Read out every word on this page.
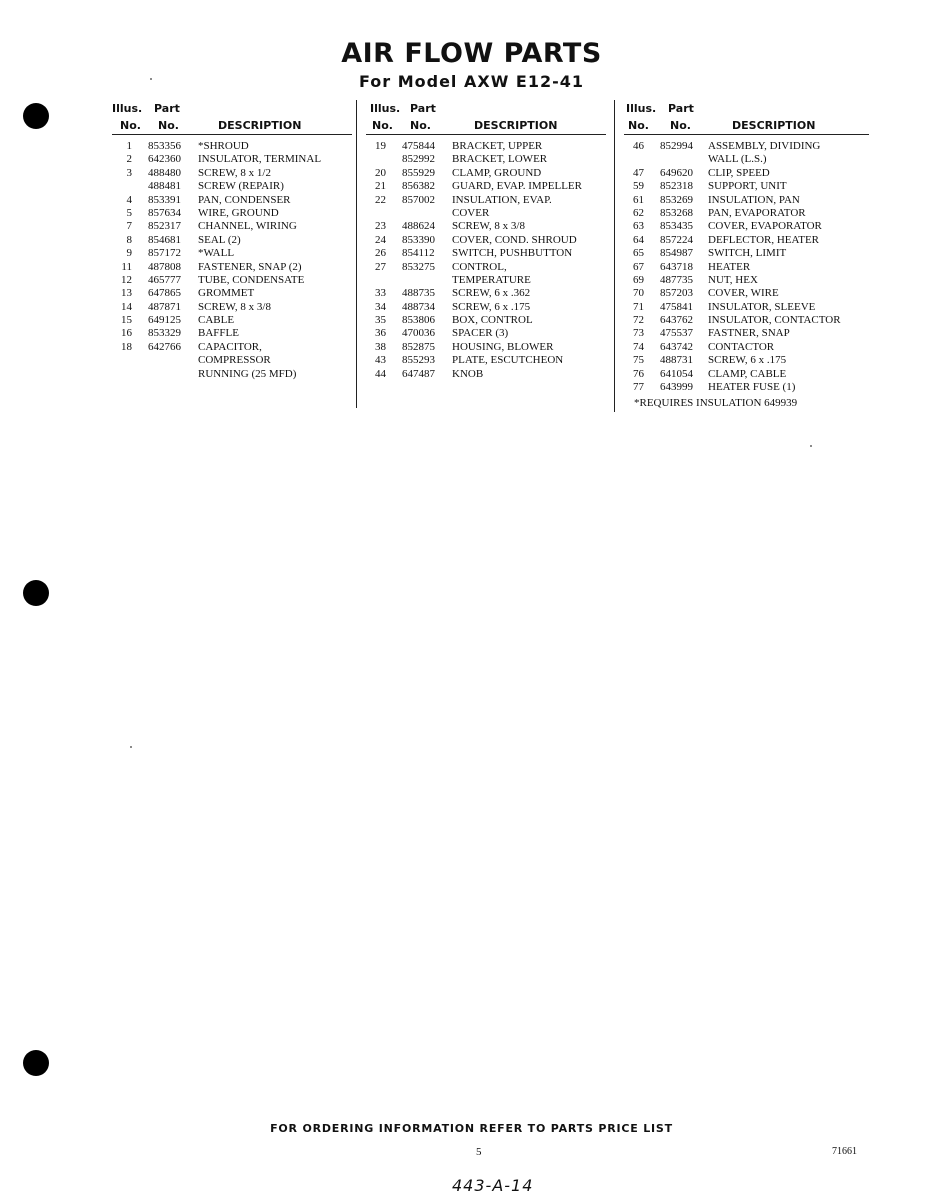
AIR FLOW PARTS
For Model AXW E12-41
Illus. Part
No. No.	DESCRIPTION
1 853356 *SHROUD
2 642360 INSULATOR, TERMINAL
3 488480 SCREW, 8 x 1/2
488481 SCREW (REPAIR)
4 853391 PAN, CONDENSER
5 857634 WIRE, GROUND
7 852317 CHANNEL, WIRING
8 854681 SEAL (2)
9 857172 *WALL
11 487808 FASTENER, SNAP (2)
12 465777 TUBE, CONDENSATE
13 647865 GROMMET
14 487871 SCREW, 8 x 3/8
15 649125 CABLE
16 853329 BAFFLE
18 642766 CAPACITOR,
COMPRESSOR
RUNNING (25 MFD)
Illus. Part
No. No.	DESCRIPTION
19 475844 BRACKET, UPPER
852992 BRACKET, LOWER
20 855929 CLAMP, GROUND
21 856382 GUARD, EVAP. IMPELLER
22 857002 INSULATION, EVAP.
COVER
23 488624 SCREW, 8 x 3/8
24 853390 COVER, COND. SHROUD
26 854112 SWITCH, PUSHBUTTON
27 853275 CONTROL,
TEMPERATURE
33 488735 SCREW, 6 x .362
34 488734 SCREW, 6 x .175
35 853806 BOX, CONTROL
36 470036 SPACER (3)
38 852875 HOUSING, BLOWER
43 855293 PLATE, ESCUTCHEON
44 647487 KNOB
Illus. Part
No. No.	DESCRIPTION
46 852994 ASSEMBLY, DIVIDING
WALL (L.S.)
47 649620 CLIP, SPEED
59 852318 SUPPORT, UNIT
61 853269 INSULATION, PAN
62 853268 PAN, EVAPORATOR
63 853435 COVER, EVAPORATOR
64 857224 DEFLECTOR, HEATER
65 854987 SWITCH, LIMIT
67 643718 HEATER
69 487735 NUT, HEX
70 857203 COVER, WIRE
71 475841 INSULATOR, SLEEVE
72 643762 INSULATOR, CONTACTOR
73 475537 FASTNER, SNAP
74 643742 CONTACTOR
75 488731 SCREW, 6 x .175
76 641054 CLAMP, CABLE
77 643999 HEATER FUSE (1)
*REQUIRES INSULATION 649939
FOR ORDERING INFORMATION REFER TO PARTS PRICE LIST
5	71661
443-A-14
